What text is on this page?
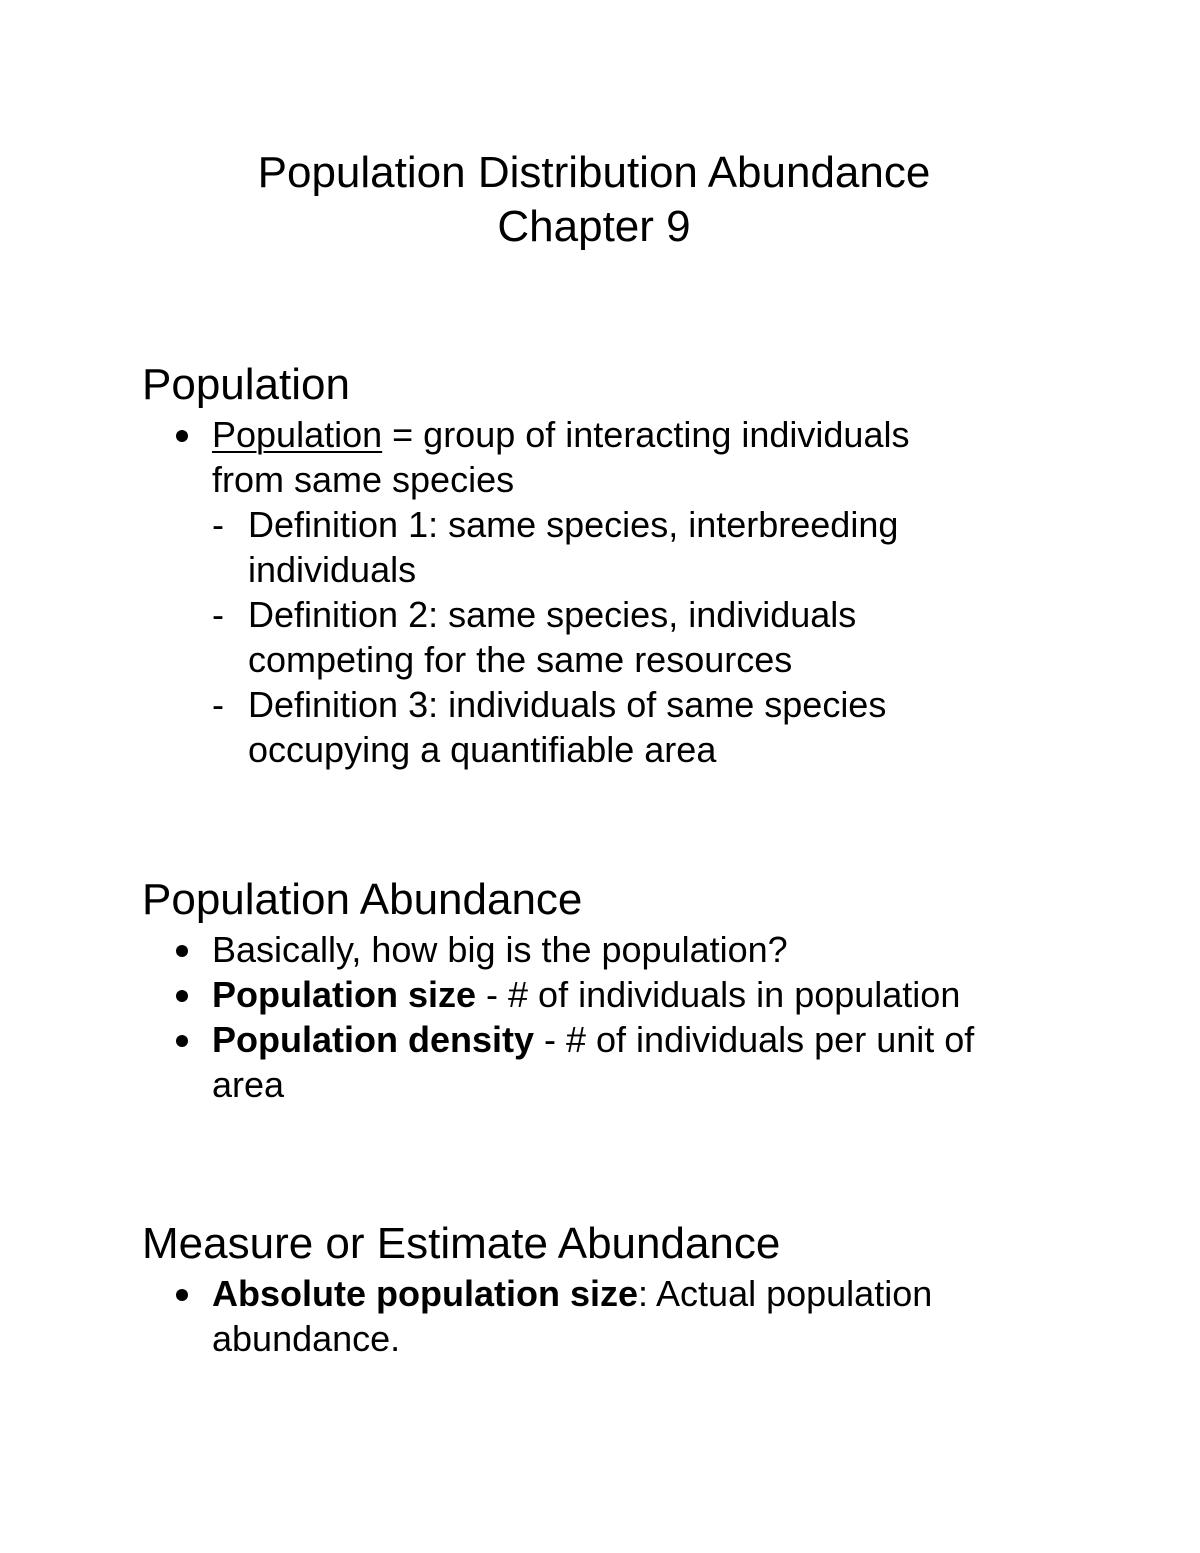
Population Distribution Abundance
Chapter 9
Population
Population = group of interacting individuals
from same species
- Definition 1: same species, interbreeding
individuals
- Definition 2: same species, individuals
competing for the same resources
- Definition 3: individuals of same species
occupying a quantifiable area
Population Abundance
Basically, how big is the population?
Population size - # of individuals in population
Population density - # of individuals per unit of
area
Measure or Estimate Abundance
Absolute population size: Actual population
abundance.
